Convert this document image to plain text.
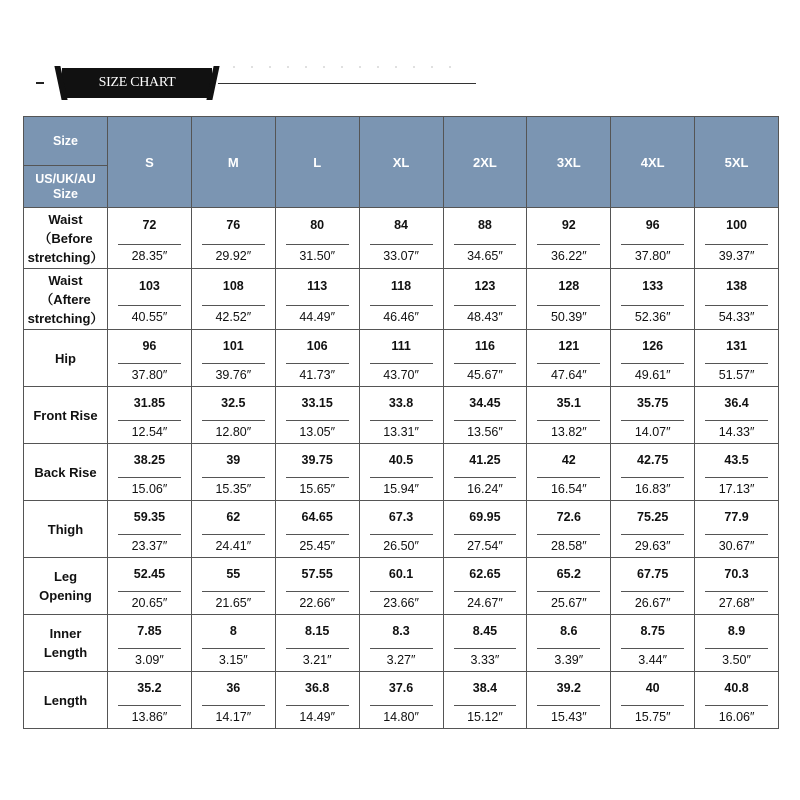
SIZE CHART
Size
US/UK/AU
Size	S	M	L	XL	2XL	3XL	4XL	5XL

Waist
（Before
stretching）	72	76	80	84	88	92	96	100

	28.35″	29.92″	31.50″	33.07″	34.65″	36.22″	37.80″	39.37″

Waist
（Aftere
stretching）	103	108	113	118	123	128	133	138

	40.55″	42.52″	44.49″	46.46″	48.43″	50.39″	52.36″	54.33″

Hip	96	101	106	111	116	121	126	131

	37.80″	39.76″	41.73″	43.70″	45.67″	47.64″	49.61″	51.57″

Front Rise	31.85	32.5	33.15	33.8	34.45	35.1	35.75	36.4

	12.54″	12.80″	13.05″	13.31″	13.56″	13.82″	14.07″	14.33″

Back Rise	38.25	39	39.75	40.5	41.25	42	42.75	43.5

	15.06″	15.35″	15.65″	15.94″	16.24″	16.54″	16.83″	17.13″

Thigh	59.35	62	64.65	67.3	69.95	72.6	75.25	77.9

	23.37″	24.41″	25.45″	26.50″	27.54″	28.58″	29.63″	30.67″

Leg
Opening	52.45	55	57.55	60.1	62.65	65.2	67.75	70.3

	20.65″	21.65″	22.66″	23.66″	24.67″	25.67″	26.67″	27.68″

Inner
Length	7.85	8	8.15	8.3	8.45	8.6	8.75	8.9

	3.09″	3.15″	3.21″	3.27″	3.33″	3.39″	3.44″	3.50″

Length	35.2	36	36.8	37.6	38.4	39.2	40	40.8

	13.86″	14.17″	14.49″	14.80″	15.12″	15.43″	15.75″	16.06″
